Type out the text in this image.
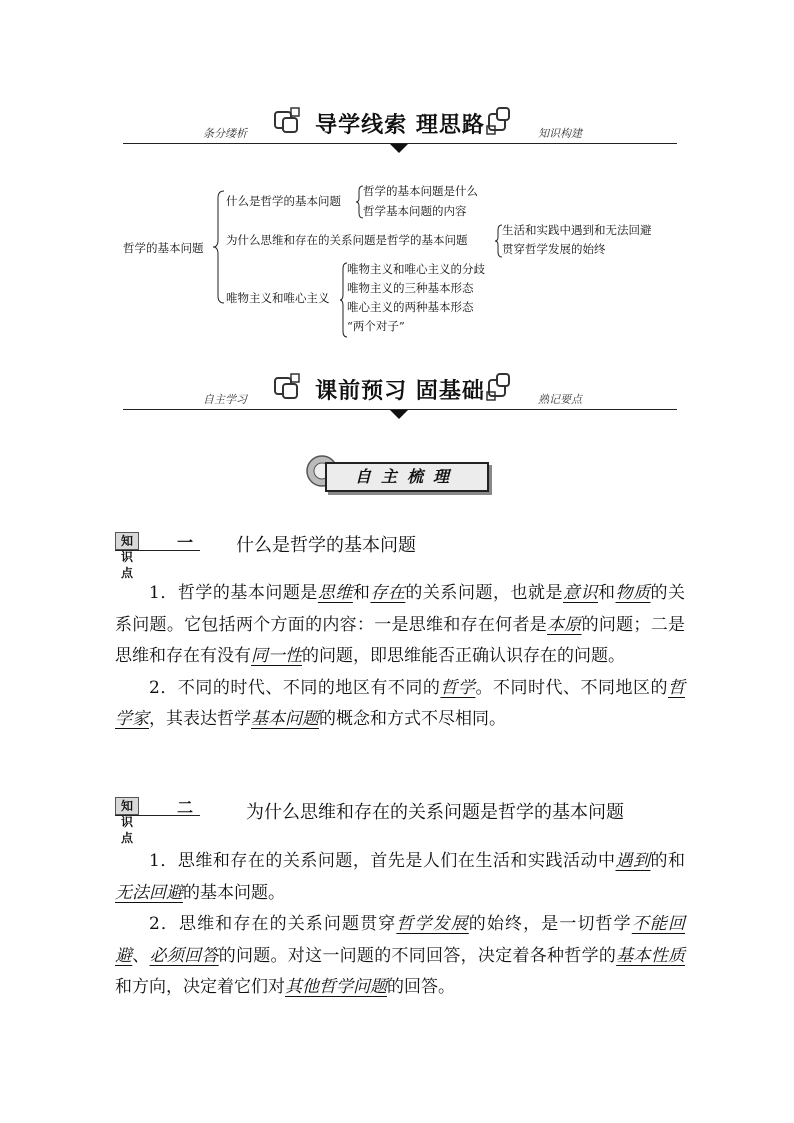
导学线索 理思路
条分缕析	知识构建
哲学的基本问题
什么是哲学的基本问题
哲学的基本问题是什么
哲学基本问题的内容
为什么思维和存在的关系问题是哲学的基本问题
生活和实践中遇到和无法回避
贯穿哲学发展的始终
唯物主义和唯心主义
唯物主义和唯心主义的分歧
唯物主义的三种基本形态
唯心主义的两种基本形态
“两个对子”
课前预习 固基础
自主学习	熟记要点
自主梳理
知识点
一 什么是哲学的基本问题

1．哲学的基本问题是思维和存在的关系问题，也就是意识和物质的关系问题。它包括两个方面的内容：一是思维和存在何者是本原的问题；二是思维和存在有没有同一性的问题，即思维能否正确认识存在的问题。

2．不同的时代、不同的地区有不同的哲学。不同时代、不同地区的哲学家，其表达哲学基本问题的概念和方式不尽相同。

知识点
二	为什么思维和存在的关系问题是哲学的基本问题

1．思维和存在的关系问题，首先是人们在生活和实践活动中遇到的和无法回避的基本问题。

2．思维和存在的关系问题贯穿哲学发展的始终，是一切哲学不能回避、必须回答的问题。对这一问题的不同回答，决定着各种哲学的基本性质和方向，决定着它们对其他哲学问题的回答。
